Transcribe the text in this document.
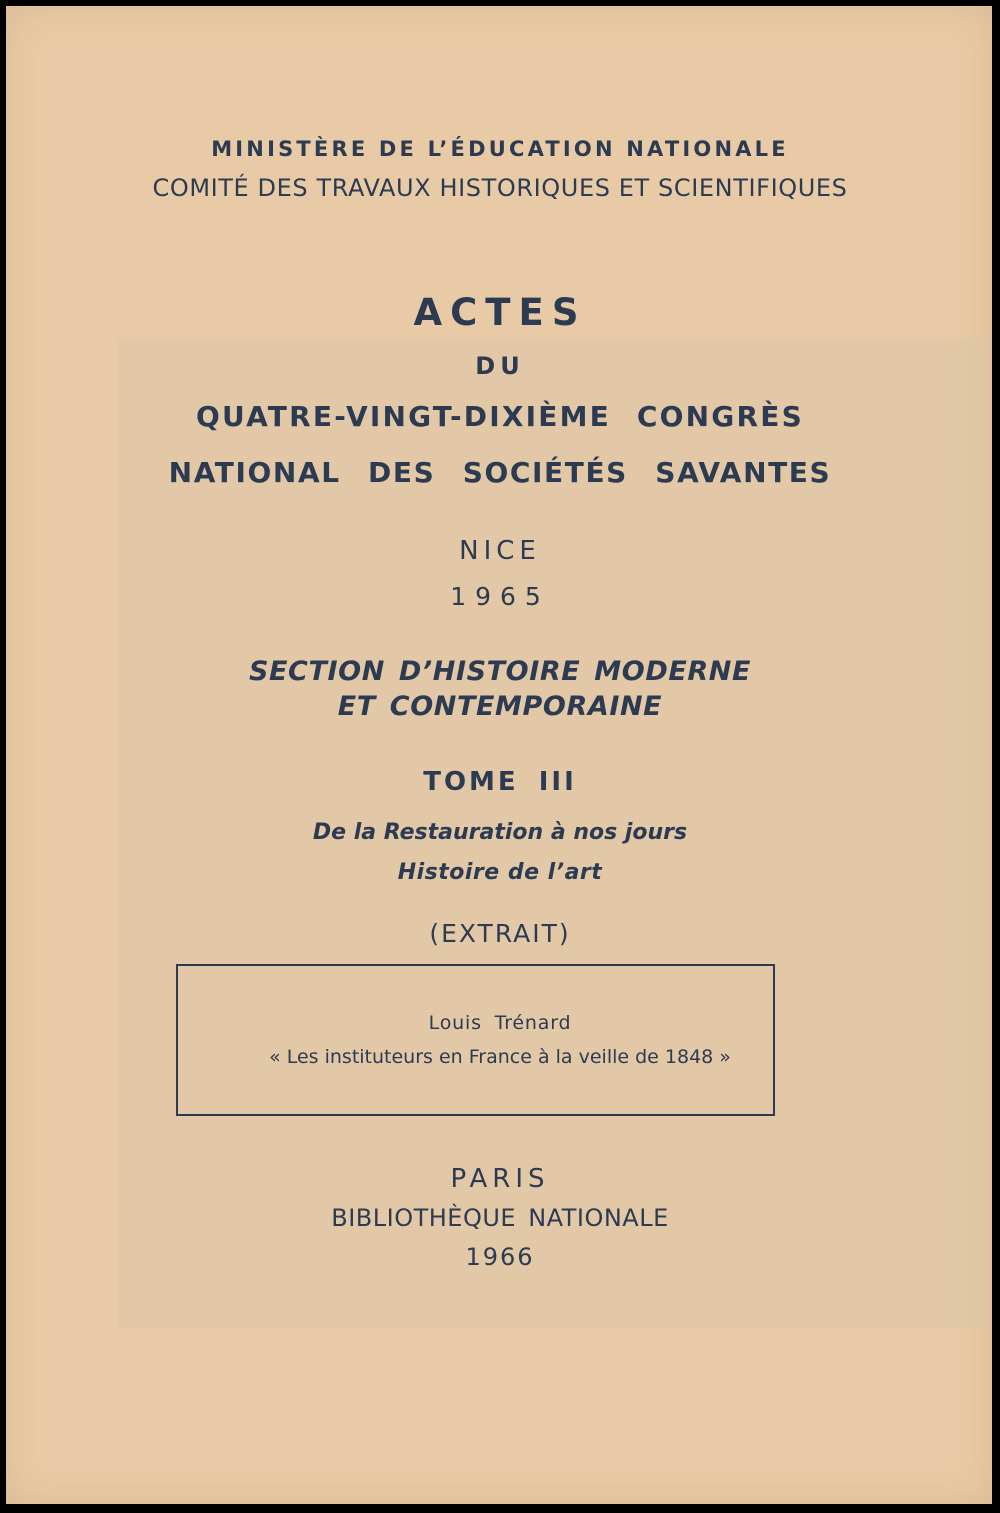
MINISTÈRE DE L’ÉDUCATION NATIONALE
COMITÉ DES TRAVAUX HISTORIQUES ET SCIENTIFIQUES
ACTES
DU
QUATRE-VINGT-DIXIÈME CONGRÈS
NATIONAL DES SOCIÉTÉS SAVANTES
NICE
1965
SECTION D’HISTOIRE MODERNE
ET CONTEMPORAINE
TOME III
De la Restauration à nos jours
Histoire de l’art
(EXTRAIT)
Louis Trénard
« Les instituteurs en France à la veille de 1848 »
PARIS
BIBLIOTHÈQUE NATIONALE
1966
